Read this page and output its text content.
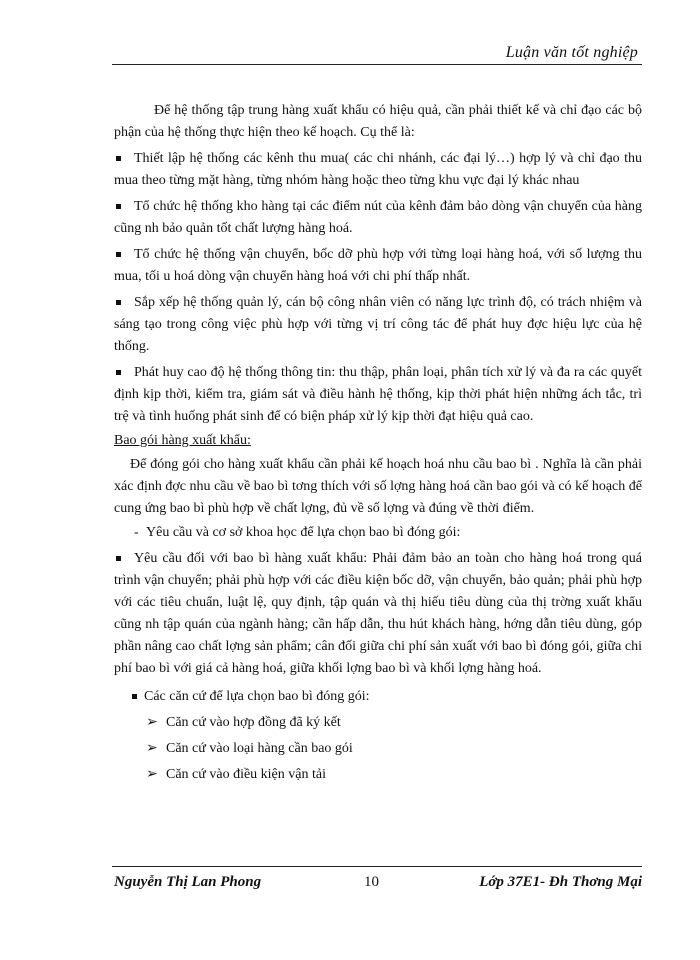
Luận văn tốt nghiệp

Để hệ thống tập trung hàng xuất khẩu có hiệu quả, cần phải thiết kế và chỉ đạo các bộ phận của hệ thống thực hiện theo kế hoạch. Cụ thể là:

Thiết lập hệ thống các kênh thu mua( các chi nhánh, các đại lý…) hợp lý và chỉ đạo thu mua theo từng mặt hàng, từng nhóm hàng hoặc theo từng khu vực đại lý khác nhau

Tổ chức hệ thống kho hàng tại các điểm nút của kênh đảm bảo dòng vận chuyển của hàng cũng nh bảo quản tốt chất lượng hàng hoá.

Tổ chức hệ thống vận chuyển, bốc dỡ phù hợp với từng loại hàng hoá, với số lượng thu mua, tối u hoá dòng vận chuyển hàng hoá với chi phí thấp nhất.

Sắp xếp hệ thống quản lý, cán bộ công nhân viên có năng lực trình độ, có trách nhiệm và sáng tạo trong công việc phù hợp với từng vị trí công tác để phát huy đợc hiệu lực của hệ thống.

Phát huy cao độ hệ thống thông tin: thu thập, phân loại, phân tích xử lý và đa ra các quyết định kịp thời, kiểm tra, giám sát và điều hành hệ thống, kịp thời phát hiện những ách tắc, trì trệ và tình huống phát sinh để có biện pháp xử lý kịp thời đạt hiệu quả cao.

Bao gói hàng xuất khẩu:

Để đóng gói cho hàng xuất khẩu cần phải kế hoạch hoá nhu cầu bao bì . Nghĩa là cần phải xác định đợc nhu cầu về bao bì tơng thích với số lợng hàng hoá cần bao gói và có kế hoạch để cung ứng bao bì phù hợp về chất lợng, đủ về số lợng và đúng về thời điểm.

- Yêu cầu và cơ sở khoa học để lựa chọn bao bì đóng gói:

Yêu cầu đối với bao bì hàng xuất khẩu: Phải đảm bảo an toàn cho hàng hoá trong quá trình vận chuyển; phải phù hợp với các điều kiện bốc dỡ, vận chuyển, bảo quản; phải phù hợp với các tiêu chuẩn, luật lệ, quy định, tập quán và thị hiếu tiêu dùng của thị trờng xuất khẩu cũng nh tập quán của ngành hàng; cần hấp dẫn, thu hút khách hàng, hớng dẫn tiêu dùng, góp phần nâng cao chất lợng sản phẩm; cân đối giữa chi phí sản xuất với bao bì đóng gói, giữa chi phí bao bì với giá cả hàng hoá, giữa khối lợng bao bì và khối lợng hàng hoá.

Các căn cứ để lựa chọn bao bì đóng gói:

➢ Căn cứ vào hợp đồng đã ký kết

➢ Căn cứ vào loại hàng cần bao gói

➢ Căn cứ vào điều kiện vận tải

Nguyễn Thị Lan Phong	10	Lớp 37E1- Đh Thơng Mại
